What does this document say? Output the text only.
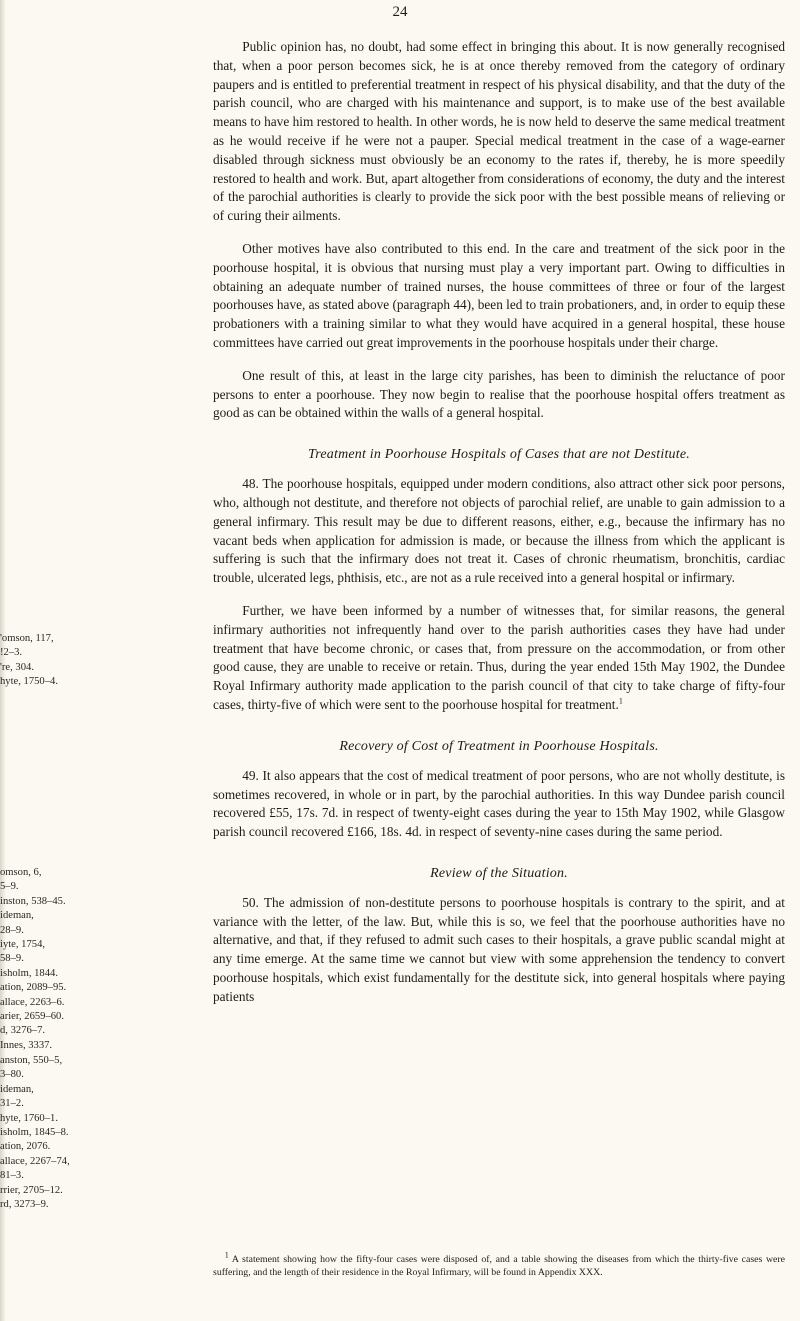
24
'omson, 117,
!2–3.
're, 304.
hyte, 1750–4.
omson, 6,
5–9.
inston, 538–45.
ideman,
28–9.
iyte, 1754,
58–9.
isholm, 1844.
ation, 2089–95.
allace, 2263–6.
arier, 2659–60.
d, 3276–7.
Innes, 3337.
anston, 550–5,
3–80.
ideman,
31–2.
hyte, 1760–1.
isholm, 1845–8.
ation, 2076.
allace, 2267–74,
81–3.
rrier, 2705–12.
rd, 3273–9.

Public opinion has, no doubt, had some effect in bringing this about. It is now generally recognised that, when a poor person becomes sick, he is at once thereby removed from the category of ordinary paupers and is entitled to preferential treatment in respect of his physical disability, and that the duty of the parish council, who are charged with his maintenance and support, is to make use of the best available means to have him restored to health. In other words, he is now held to deserve the same medical treatment as he would receive if he were not a pauper. Special medical treatment in the case of a wage-earner disabled through sickness must obviously be an economy to the rates if, thereby, he is more speedily restored to health and work. But, apart altogether from considerations of economy, the duty and the interest of the parochial authorities is clearly to provide the sick poor with the best possible means of relieving or of curing their ailments.

Other motives have also contributed to this end. In the care and treatment of the sick poor in the poorhouse hospital, it is obvious that nursing must play a very important part. Owing to difficulties in obtaining an adequate number of trained nurses, the house committees of three or four of the largest poorhouses have, as stated above (paragraph 44), been led to train probationers, and, in order to equip these probationers with a training similar to what they would have acquired in a general hospital, these house committees have carried out great improvements in the poorhouse hospitals under their charge.

One result of this, at least in the large city parishes, has been to diminish the reluctance of poor persons to enter a poorhouse. They now begin to realise that the poorhouse hospital offers treatment as good as can be obtained within the walls of a general hospital.

Treatment in Poorhouse Hospitals of Cases that are not Destitute.

48. The poorhouse hospitals, equipped under modern conditions, also attract other sick poor persons, who, although not destitute, and therefore not objects of parochial relief, are unable to gain admission to a general infirmary. This result may be due to different reasons, either, e.g., because the infirmary has no vacant beds when application for admission is made, or because the illness from which the applicant is suffering is such that the infirmary does not treat it. Cases of chronic rheumatism, bronchitis, cardiac trouble, ulcerated legs, phthisis, etc., are not as a rule received into a general hospital or infirmary.

Further, we have been informed by a number of witnesses that, for similar reasons, the general infirmary authorities not infrequently hand over to the parish authorities cases they have had under treatment that have become chronic, or cases that, from pressure on the accommodation, or from other good cause, they are unable to receive or retain. Thus, during the year ended 15th May 1902, the Dundee Royal Infirmary authority made application to the parish council of that city to take charge of fifty-four cases, thirty-five of which were sent to the poorhouse hospital for treatment.$^1$

Recovery of Cost of Treatment in Poorhouse Hospitals.

49. It also appears that the cost of medical treatment of poor persons, who are not wholly destitute, is sometimes recovered, in whole or in part, by the parochial authorities. In this way Dundee parish council recovered £55, 17s. 7d. in respect of twenty-eight cases during the year to 15th May 1902, while Glasgow parish council recovered £166, 18s. 4d. in respect of seventy-nine cases during the same period.

Review of the Situation.

50. The admission of non-destitute persons to poorhouse hospitals is contrary to the spirit, and at variance with the letter, of the law. But, while this is so, we feel that the poorhouse authorities have no alternative, and that, if they refused to admit such cases to their hospitals, a grave public scandal might at any time emerge. At the same time we cannot but view with some apprehension the tendency to convert poorhouse hospitals, which exist fundamentally for the destitute sick, into general hospitals where paying patients

$^1$ A statement showing how the fifty-four cases were disposed of, and a table showing the diseases from which the thirty-five cases were suffering, and the length of their residence in the Royal Infirmary, will be found in Appendix XXX.
